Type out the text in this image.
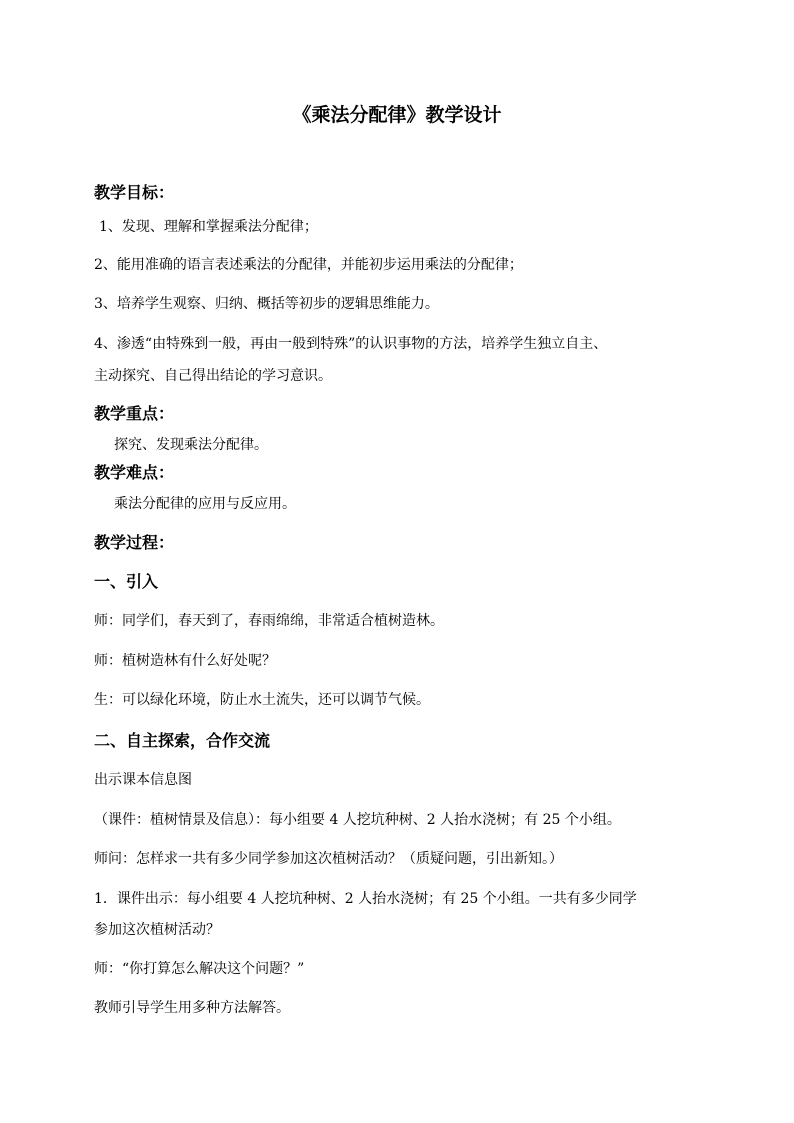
《乘法分配律》教学设计
教学目标：
1、发现、理解和掌握乘法分配律；
2、能用准确的语言表述乘法的分配律，并能初步运用乘法的分配律；
3、培养学生观察、归纳、概括等初步的逻辑思维能力。
4、渗透“由特殊到一般，再由一般到特殊”的认识事物的方法，培养学生独立自主、
主动探究、自己得出结论的学习意识。
教学重点：
探究、发现乘法分配律。
教学难点：
乘法分配律的应用与反应用。
教学过程：
一、引入
师：同学们，春天到了，春雨绵绵，非常适合植树造林。
师：植树造林有什么好处呢？
生：可以绿化环境，防止水土流失，还可以调节气候。
二、自主探索，合作交流
出示课本信息图
（课件：植树情景及信息）：每小组要 4 人挖坑种树、2 人抬水浇树；有 25 个小组。
师问：怎样求一共有多少同学参加这次植树活动？（质疑问题，引出新知。）
1．课件出示：每小组要 4 人挖坑种树、2 人抬水浇树；有 25 个小组。一共有多少同学
参加这次植树活动？
师：“你打算怎么解决这个问题？”
教师引导学生用多种方法解答。
